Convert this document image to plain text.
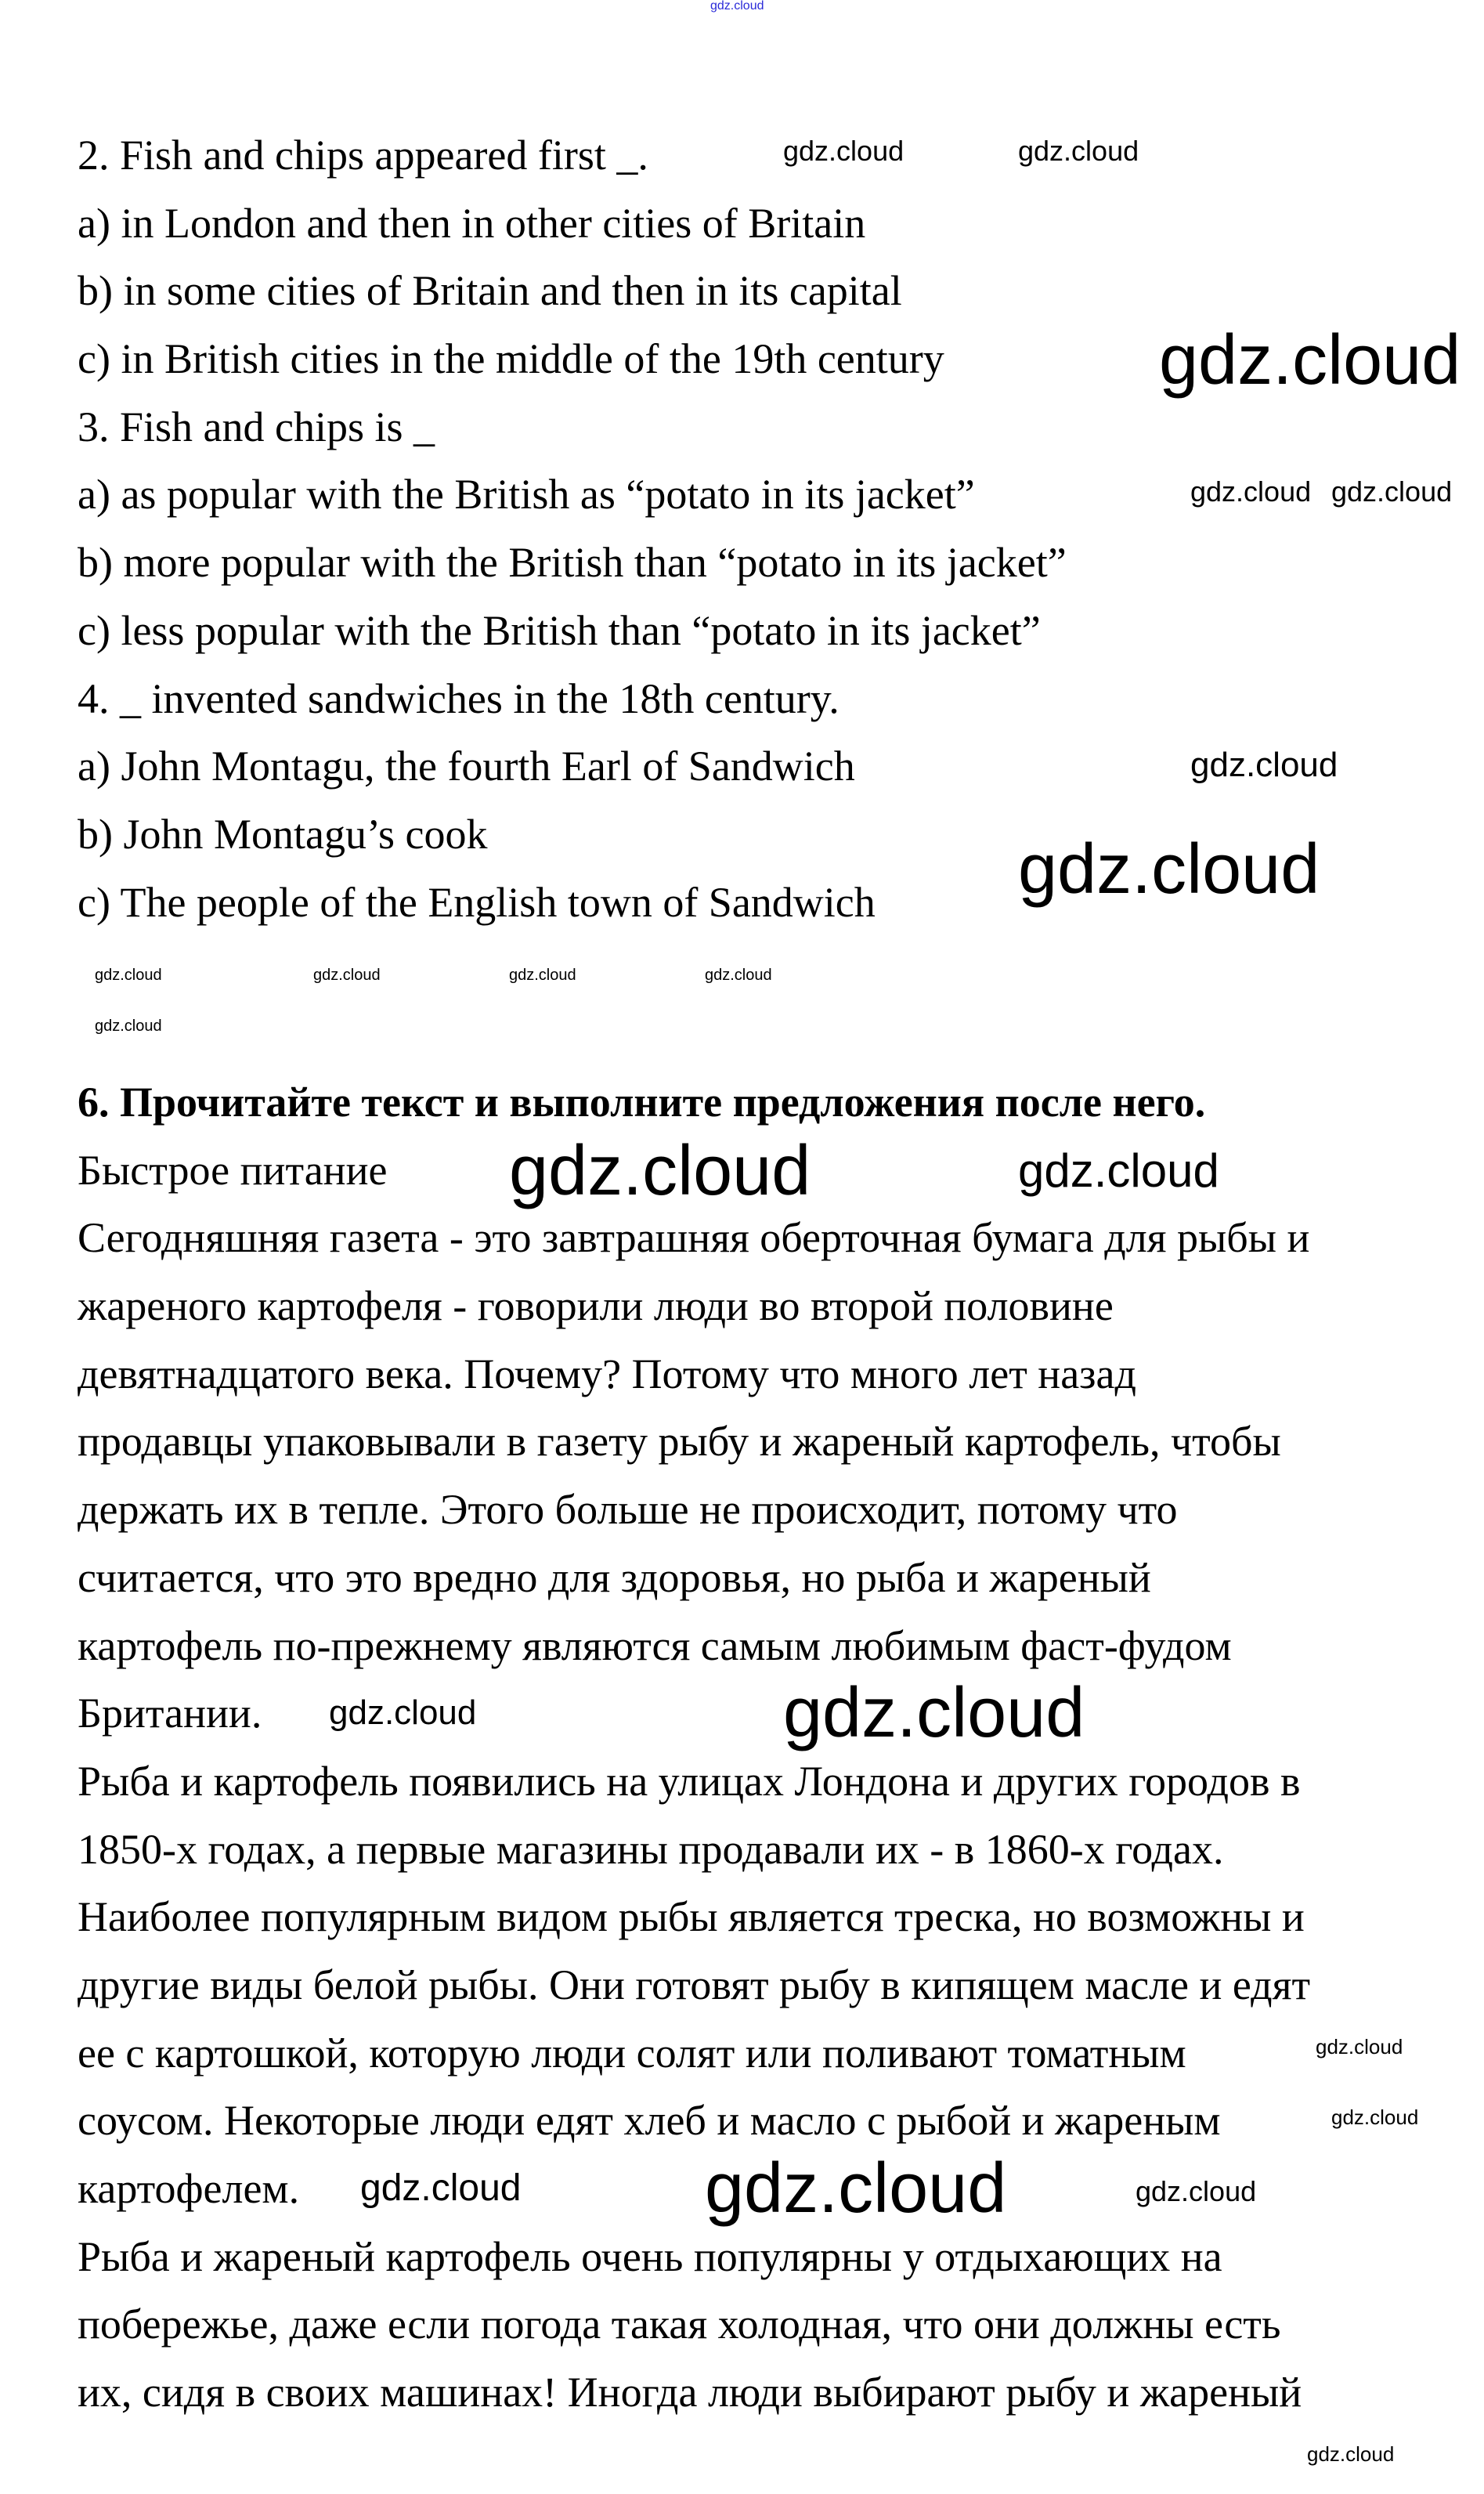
2. Fish and chips appeared first _.
a) in London and then in other cities of Britain
b) in some cities of Britain and then in its capital
c) in British cities in the middle of the 19th century
3. Fish and chips is _
a) as popular with the British as “potato in its jacket”
b) more popular with the British than “potato in its jacket”
c) less popular with the British than “potato in its jacket”
4. _ invented sandwiches in the 18th century.
a) John Montagu, the fourth Earl of Sandwich
b) John Montagu’s cook
c) The people of the English town of Sandwich
6. Прочитайте текст и выполните предложения после него.
Быстрое питание
Сегодняшняя газета - это завтрашняя оберточная бумага для рыбы и
жареного картофеля - говорили люди во второй половине
девятнадцатого века. Почему? Потому что много лет назад
продавцы упаковывали в газету рыбу и жареный картофель, чтобы
держать их в тепле. Этого больше не происходит, потому что
считается, что это вредно для здоровья, но рыба и жареный
картофель по-прежнему являются самым любимым фаст-фудом
Британии.
Рыба и картофель появились на улицах Лондона и других городов в
1850-х годах, а первые магазины продавали их - в 1860-х годах.
Наиболее популярным видом рыбы является треска, но возможны и
другие виды белой рыбы. Они готовят рыбу в кипящем масле и едят
ее с картошкой, которую люди солят или поливают томатным
соусом. Некоторые люди едят хлеб и масло с рыбой и жареным
картофелем.
Рыба и жареный картофель очень популярны у отдыхающих на
побережье, даже если погода такая холодная, что они должны есть
их, сидя в своих машинах! Иногда люди выбирают рыбу и жареный
gdz.cloud
gdz.cloud	gdz.cloud
gdz.cloud
gdz.cloud gdz.cloud
gdz.cloud
gdz.cloud
gdz.cloud
gdz.cloud
gdz.cloud	gdz.cloud
gdz.cloud	gdz.cloud	gdz.cloud
gdz.cloud	gdz.cloud
gdz.cloud
gdz.cloud
gdz.cloud
gdz.cloud
gdz.cloud
gdz.cloud
